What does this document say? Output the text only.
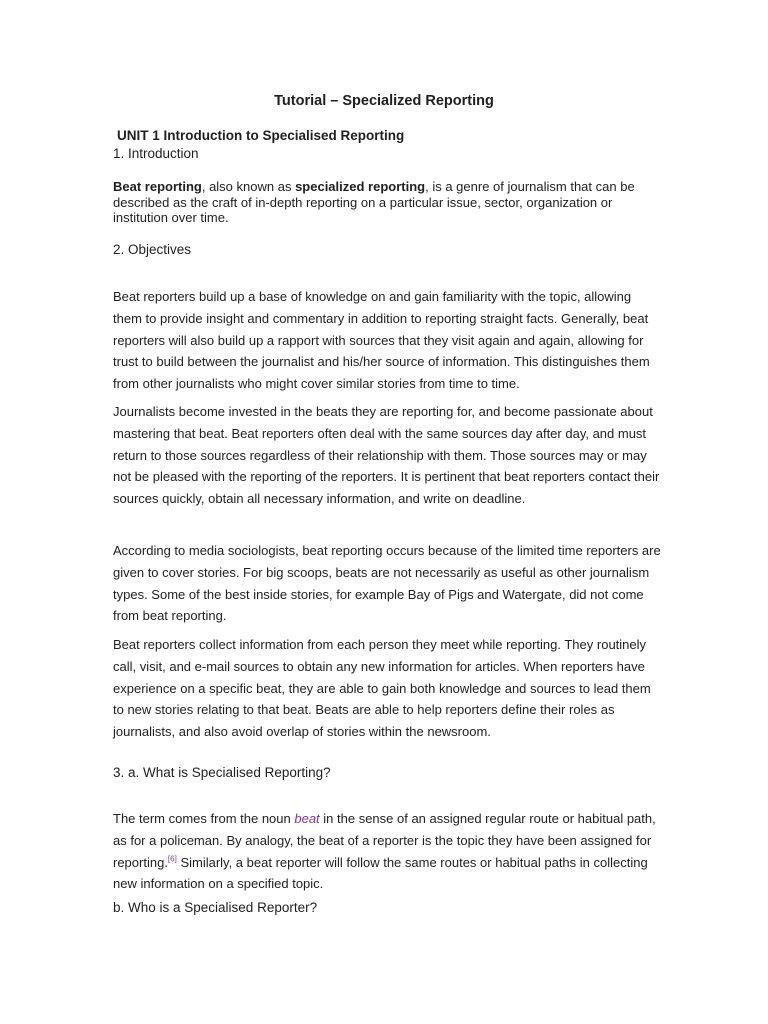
Tutorial – Specialized Reporting
UNIT 1 Introduction to Specialised Reporting
1. Introduction

Beat reporting, also known as specialized reporting, is a genre of journalism that can be described as the craft of in-depth reporting on a particular issue, sector, organization or institution over time.

2. Objectives

Beat reporters build up a base of knowledge on and gain familiarity with the topic, allowing them to provide insight and commentary in addition to reporting straight facts. Generally, beat reporters will also build up a rapport with sources that they visit again and again, allowing for trust to build between the journalist and his/her source of information. This distinguishes them from other journalists who might cover similar stories from time to time.

Journalists become invested in the beats they are reporting for, and become passionate about mastering that beat. Beat reporters often deal with the same sources day after day, and must return to those sources regardless of their relationship with them. Those sources may or may not be pleased with the reporting of the reporters. It is pertinent that beat reporters contact their sources quickly, obtain all necessary information, and write on deadline.

According to media sociologists, beat reporting occurs because of the limited time reporters are given to cover stories. For big scoops, beats are not necessarily as useful as other journalism types. Some of the best inside stories, for example Bay of Pigs and Watergate, did not come from beat reporting.

Beat reporters collect information from each person they meet while reporting. They routinely call, visit, and e-mail sources to obtain any new information for articles. When reporters have experience on a specific beat, they are able to gain both knowledge and sources to lead them to new stories relating to that beat. Beats are able to help reporters define their roles as journalists, and also avoid overlap of stories within the newsroom.

3. a. What is Specialised Reporting?

The term comes from the noun beat in the sense of an assigned regular route or habitual path, as for a policeman. By analogy, the beat of a reporter is the topic they have been assigned for reporting.[6] Similarly, a beat reporter will follow the same routes or habitual paths in collecting new information on a specified topic.

b. Who is a Specialised Reporter?
